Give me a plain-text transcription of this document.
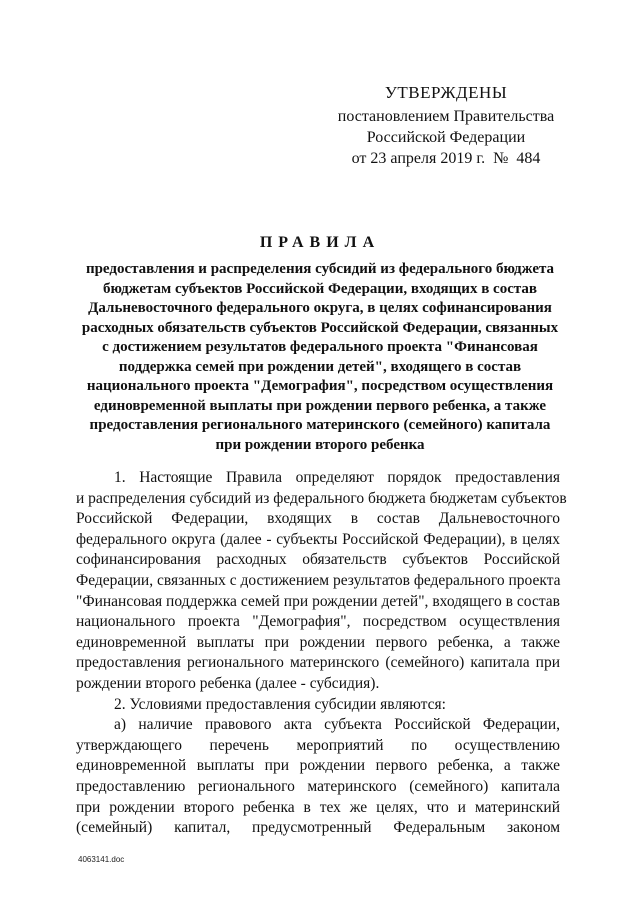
УТВЕРЖДЕНЫ
постановлением Правительства
Российской Федерации
от 23 апреля 2019 г.  №  484
ПРАВИЛА
предоставления и распределения субсидий из федерального бюджета
бюджетам субъектов Российской Федерации, входящих в состав
Дальневосточного федерального округа, в целях софинансирования
расходных обязательств субъектов Российской Федерации, связанных
с достижением результатов федерального проекта "Финансовая
поддержка семей при рождении детей", входящего в состав
национального проекта "Демография", посредством осуществления
единовременной выплаты при рождении первого ребенка, а также
предоставления регионального материнского (семейного) капитала
при рождении второго ребенка
1. Настоящие Правила определяют порядок предоставления
и распределения субсидий из федерального бюджета бюджетам субъектов
Российской Федерации, входящих в состав Дальневосточного
федерального округа (далее - субъекты Российской Федерации), в целях
софинансирования расходных обязательств субъектов Российской
Федерации, связанных с достижением результатов федерального проекта
"Финансовая поддержка семей при рождении детей", входящего в состав
национального проекта "Демография", посредством осуществления
единовременной выплаты при рождении первого ребенка, а также
предоставления регионального материнского (семейного) капитала при
рождении второго ребенка (далее - субсидия).
2. Условиями предоставления субсидии являются:
а) наличие правового акта субъекта Российской Федерации,
утверждающего перечень мероприятий по осуществлению
единовременной выплаты при рождении первого ребенка, а также
предоставлению регионального материнского (семейного) капитала
при рождении второго ребенка в тех же целях, что и материнский
(семейный) капитал, предусмотренный Федеральным законом
4063141.doc
